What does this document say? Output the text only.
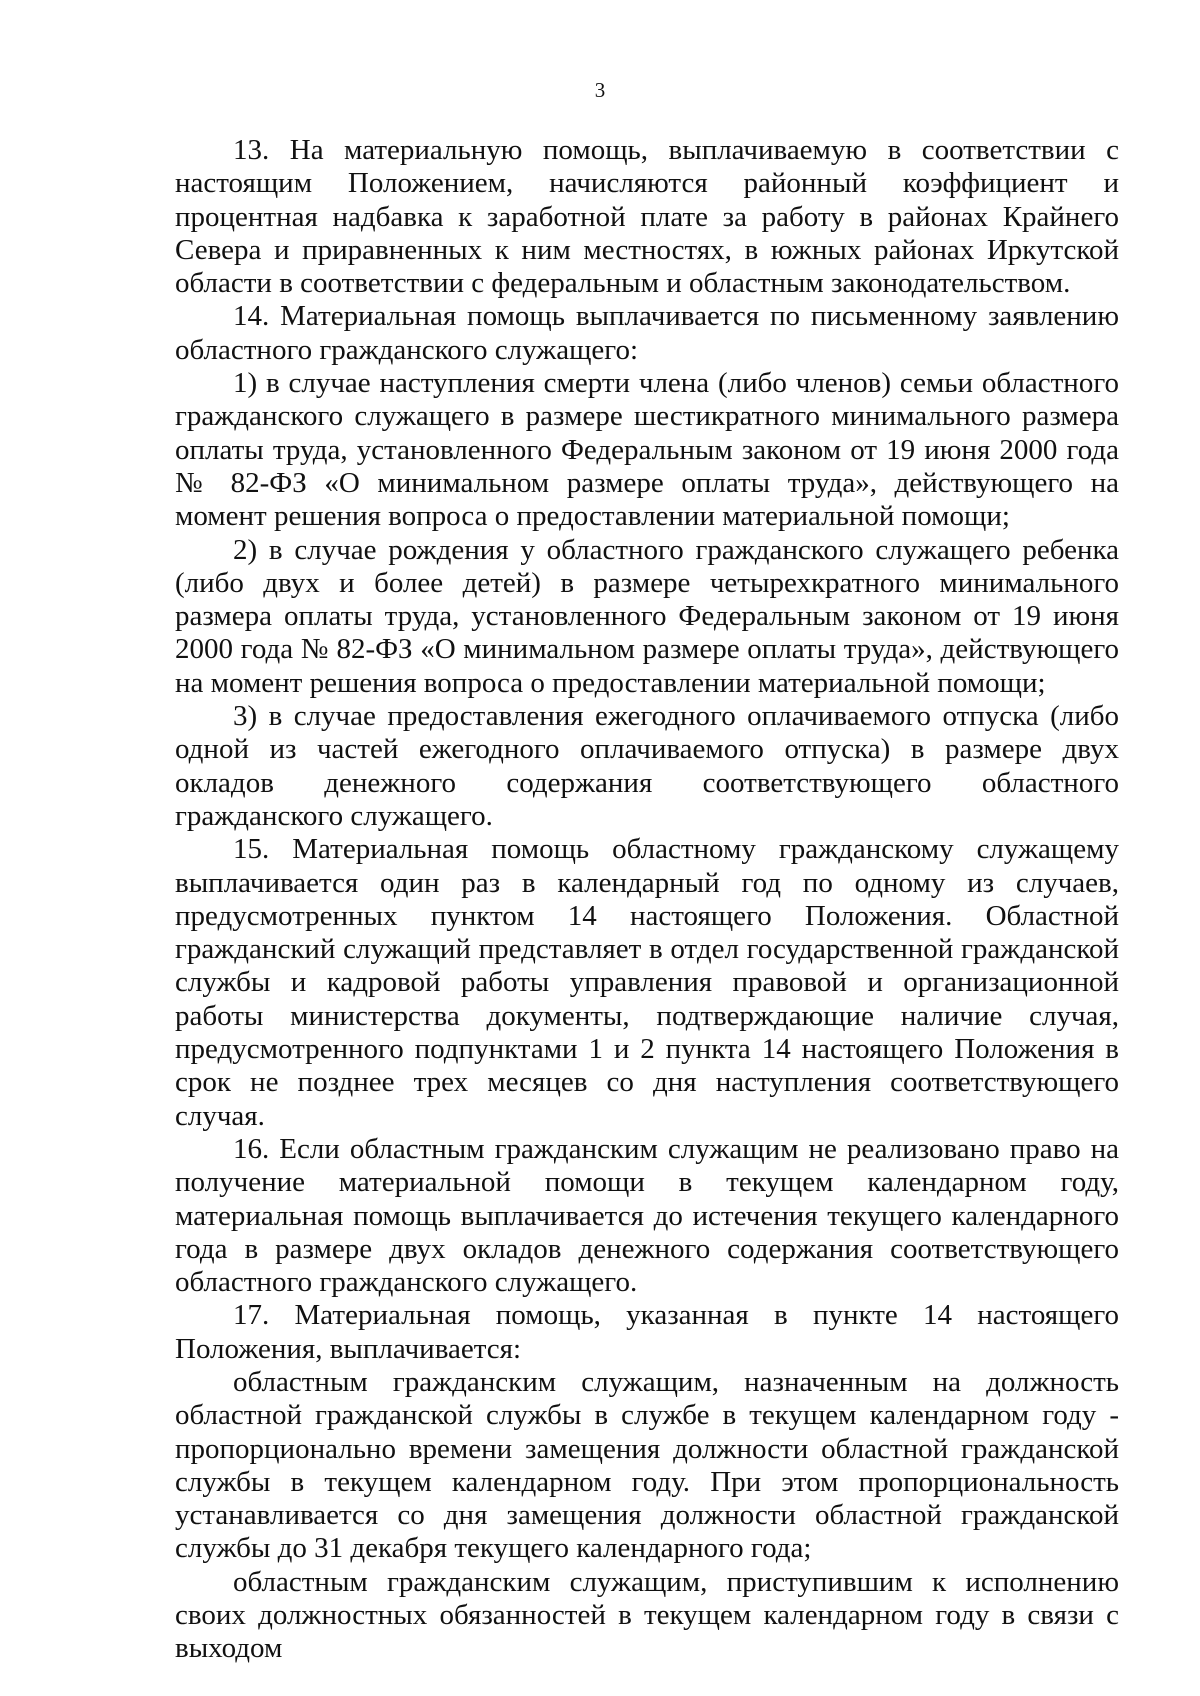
3

13. На материальную помощь, выплачиваемую в соответствии с настоящим Положением, начисляются районный коэффициент и процентная надбавка к заработной плате за работу в районах Крайнего Севера и приравненных к ним местностях, в южных районах Иркутской области в соответствии с федеральным и областным законодательством.

14. Материальная помощь выплачивается по письменному заявлению областного гражданского служащего:

1) в случае наступления смерти члена (либо членов) семьи областного гражданского служащего в размере шестикратного минимального размера оплаты труда, установленного Федеральным законом от 19 июня 2000 года № 82-ФЗ «О минимальном размере оплаты труда», действующего на момент решения вопроса о предоставлении материальной помощи;

2) в случае рождения у областного гражданского служащего ребенка (либо двух и более детей) в размере четырехкратного минимального размера оплаты труда, установленного Федеральным законом от 19 июня 2000 года № 82-ФЗ «О минимальном размере оплаты труда», действующего на момент решения вопроса о предоставлении материальной помощи;

3) в случае предоставления ежегодного оплачиваемого отпуска (либо одной из частей ежегодного оплачиваемого отпуска) в размере двух окладов денежного содержания соответствующего областного гражданского служащего.

15. Материальная помощь областному гражданскому служащему выплачивается один раз в календарный год по одному из случаев, предусмотренных пунктом 14 настоящего Положения. Областной гражданский служащий представляет в отдел государственной гражданской службы и кадровой работы управления правовой и организационной работы министерства документы, подтверждающие наличие случая, предусмотренного подпунктами 1 и 2 пункта 14 настоящего Положения в срок не позднее трех месяцев со дня наступления соответствующего случая.

16. Если областным гражданским служащим не реализовано право на получение материальной помощи в текущем календарном году, материальная помощь выплачивается до истечения текущего календарного года в размере двух окладов денежного содержания соответствующего областного гражданского служащего.

17. Материальная помощь, указанная в пункте 14 настоящего Положения, выплачивается:

областным гражданским служащим, назначенным на должность областной гражданской службы в службе в текущем календарном году - пропорционально времени замещения должности областной гражданской службы в текущем календарном году. При этом пропорциональность устанавливается со дня замещения должности областной гражданской службы до 31 декабря текущего календарного года;

областным гражданским служащим, приступившим к исполнению своих должностных обязанностей в текущем календарном году в связи с выходом
